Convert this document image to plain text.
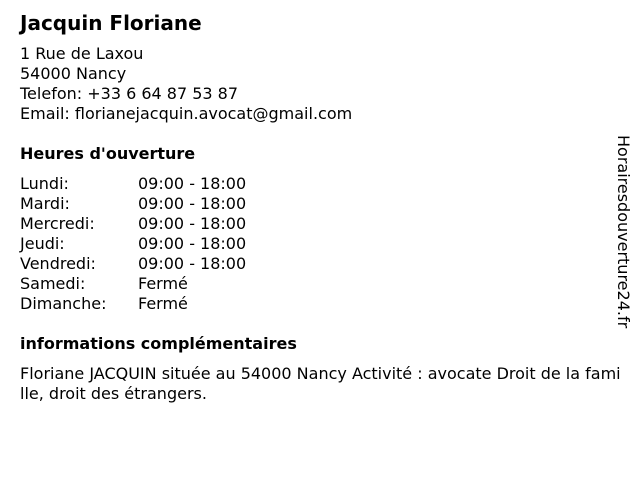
Jacquin Floriane
1 Rue de Laxou
54000 Nancy
Telefon: +33 6 64 87 53 87
Email: florianejacquin.avocat@gmail.com
Heures d'ouverture
Lundi:	09:00 - 18:00
Mardi:	09:00 - 18:00
Mercredi:	09:00 - 18:00
Jeudi:	09:00 - 18:00
Vendredi:	09:00 - 18:00
Samedi:	Fermé
Dimanche:	Fermé
informations complémentaires
Floriane JACQUIN située au 54000 Nancy Activité : avocate Droit de la famille, droit des étrangers.
Horairesdouverture24.fr
